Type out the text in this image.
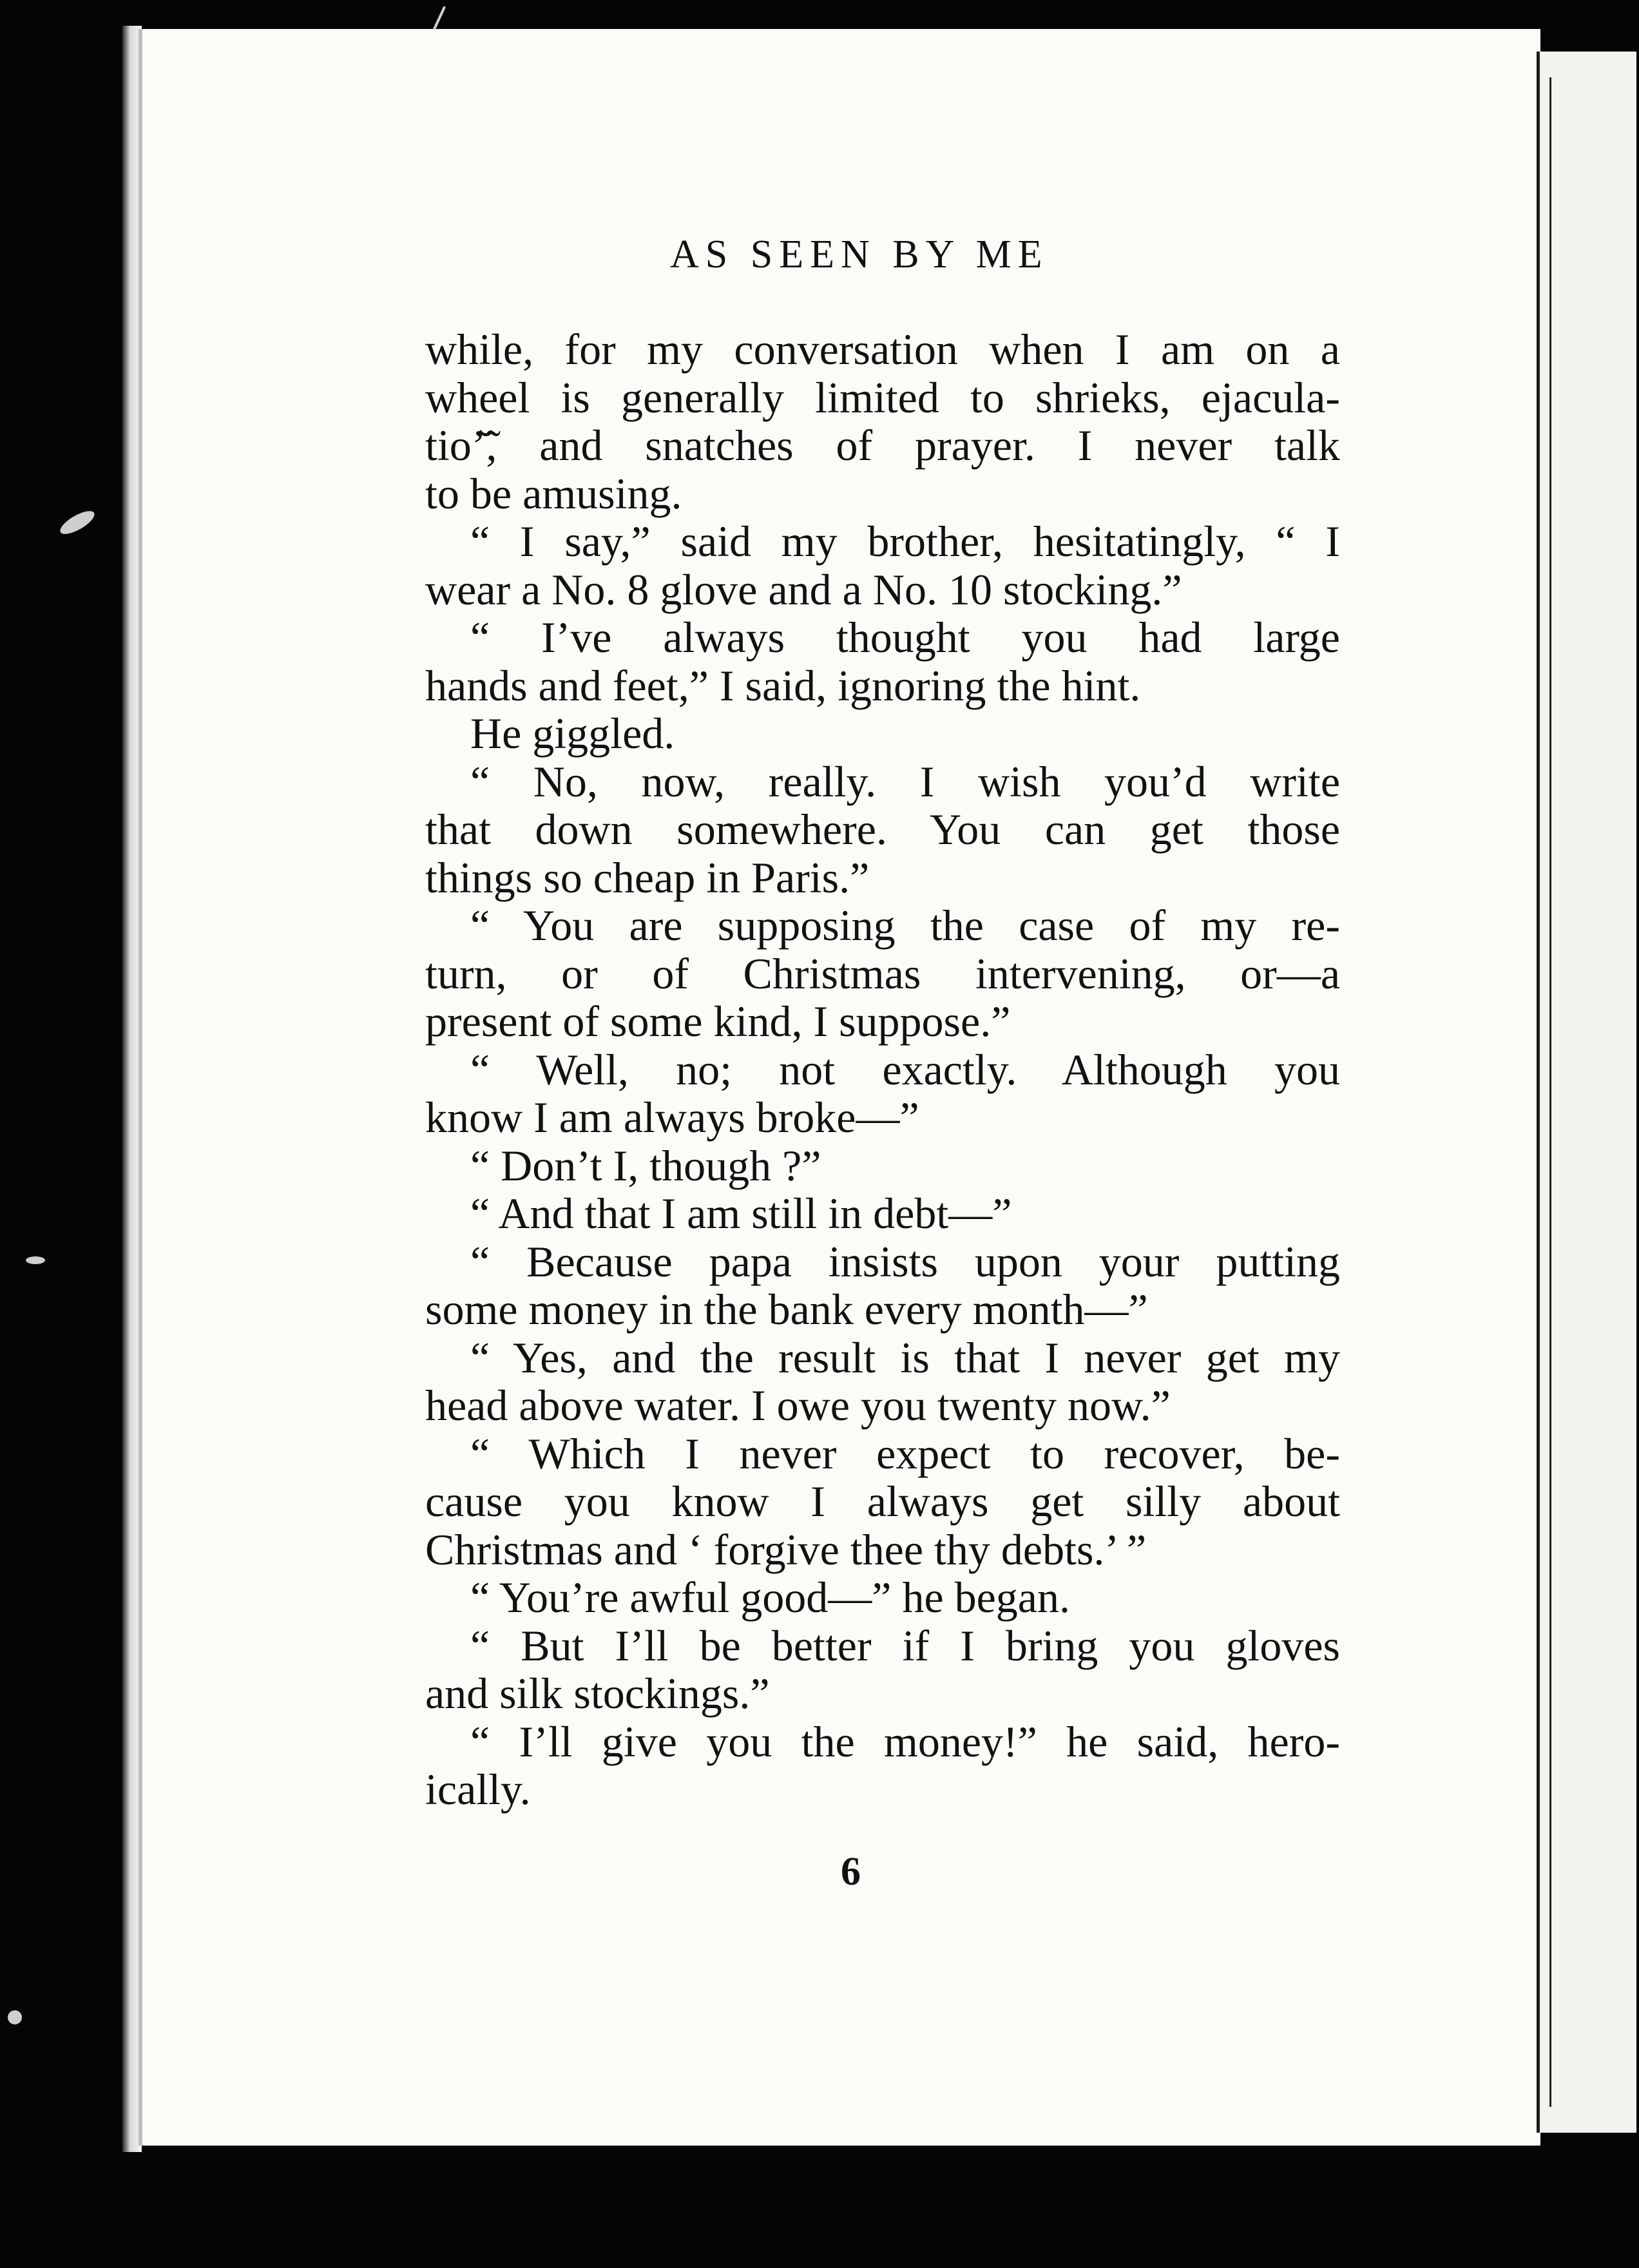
AS SEEN BY ME
while, for my conversation when I am on a
wheel is generally limited to shrieks, ejacula-
tioʼ̆̃, and snatches of prayer. I never talk
to be amusing.
“ I say,” said my brother, hesitatingly, “ I
wear a No. 8 glove and a No. 10 stocking.”
“ I’ve always thought you had large
hands and feet,” I said, ignoring the hint.
He giggled.
“ No, now, really. I wish you’d write
that down somewhere. You can get those
things so cheap in Paris.”
“ You are supposing the case of my re-
turn, or of Christmas intervening, or—a
present of some kind, I suppose.”
“ Well, no; not exactly. Although you
know I am always broke—”
“ Don’t I, though ?”
“ And that I am still in debt—”
“ Because papa insists upon your putting
some money in the bank every month—”
“ Yes, and the result is that I never get my
head above water. I owe you twenty now.”
“ Which I never expect to recover, be-
cause you know I always get silly about
Christmas and ‘ forgive thee thy debts.’ ”
“ You’re awful good—” he began.
“ But I’ll be better if I bring you gloves
and silk stockings.”
“ I’ll give you the money!” he said, hero-
ically.
6
